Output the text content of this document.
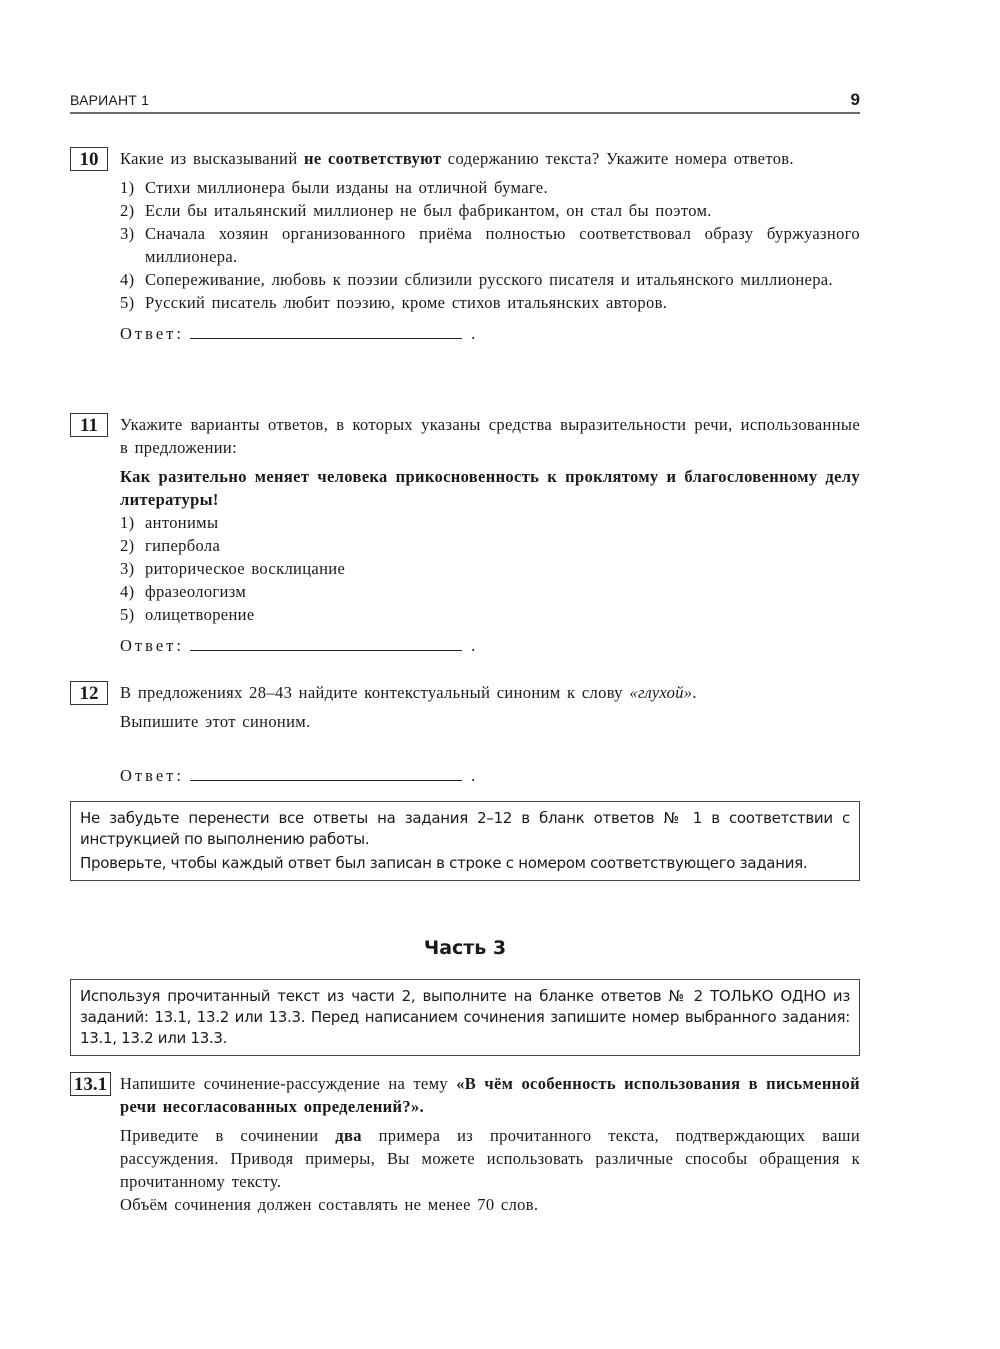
ВАРИАНТ 1	9
10	Какие из высказываний не соответствуют содержанию текста? Укажите номера ответов.

1) Стихи миллионера были изданы на отличной бумаге.
2) Если бы итальянский миллионер не был фабрикантом, он стал бы поэтом.
3) Сначала хозяин организованного приёма полностью соответствовал образу буржуазного миллионера.
4) Сопереживание, любовь к поэзии сблизили русского писателя и итальянского миллионера.
5) Русский писатель любит поэзию, кроме стихов итальянских авторов.
Ответ:	.
11	Укажите варианты ответов, в которых указаны средства выразительности речи, использованные в предложении:

Как разительно меняет человека прикосновенность к проклятому и благословенному делу литературы!

1) антонимы
2) гипербола
3) риторическое восклицание
4) фразеологизм
5) олицетворение
Ответ:	.
12	В предложениях 28–43 найдите контекстуальный синоним к слову «глухой».

Выпишите этот синоним.

Ответ:	.

Не забудьте перенести все ответы на задания 2–12 в бланк ответов № 1 в соответствии с инструкцией по выполнению работы.

Проверьте, чтобы каждый ответ был записан в строке с номером соответствующего задания.

Часть 3

Используя прочитанный текст из части 2, выполните на бланке ответов № 2 ТОЛЬКО ОДНО из заданий: 13.1, 13.2 или 13.3. Перед написанием сочинения запишите номер выбранного задания: 13.1, 13.2 или 13.3.

13.1 Напишите сочинение-рассуждение на тему «В чём особенность использования в письменной речи несогласованных определений?».

Приведите в сочинении два примера из прочитанного текста, подтверждающих ваши рассуждения. Приводя примеры, Вы можете использовать различные способы обращения к прочитанному тексту.

Объём сочинения должен составлять не менее 70 слов.
